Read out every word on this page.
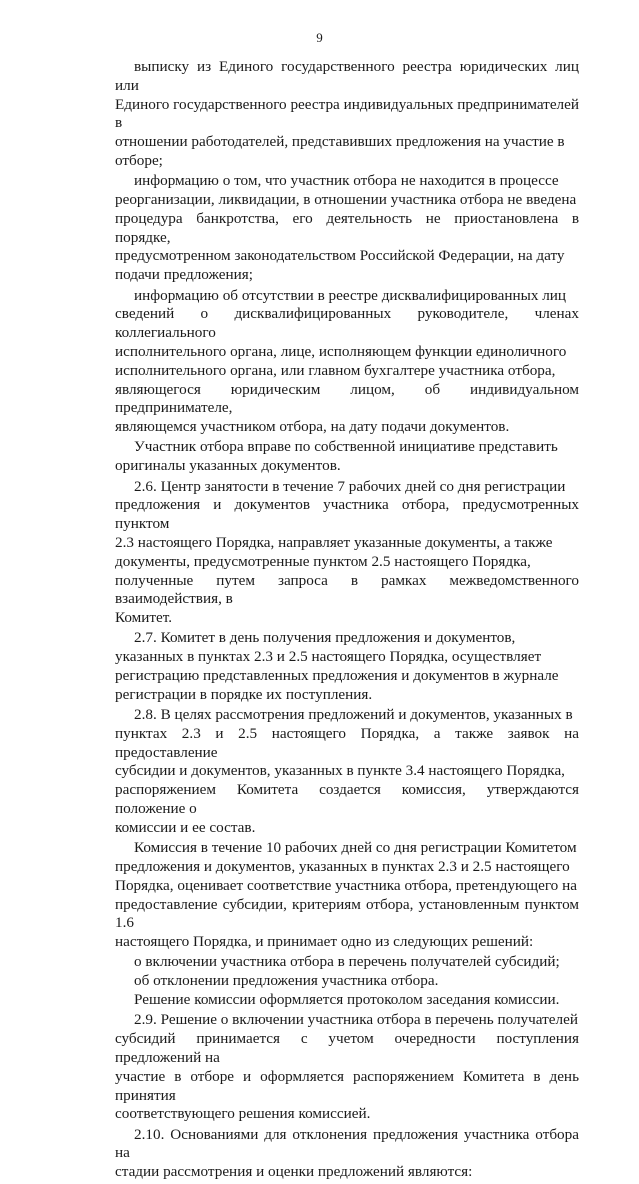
9

выписку из Единого государственного реестра юридических лиц или
Единого государственного реестра индивидуальных предпринимателей в
отношении работодателей, представивших предложения на участие в
отборе;

информацию о том, что участник отбора не находится в процессе
реорганизации, ликвидации, в отношении участника отбора не введена
процедура банкротства, его деятельность не приостановлена в порядке,
предусмотренном законодательством Российской Федерации, на дату
подачи предложения;

информацию об отсутствии в реестре дисквалифицированных лиц
сведений о дисквалифицированных руководителе, членах коллегиального
исполнительного органа, лице, исполняющем функции единоличного
исполнительного органа, или главном бухгалтере участника отбора,
являющегося юридическим лицом, об индивидуальном предпринимателе,
являющемся участником отбора, на дату подачи документов.

Участник отбора вправе по собственной инициативе представить
оригиналы указанных документов.

2.6. Центр занятости в течение 7 рабочих дней со дня регистрации
предложения и документов участника отбора, предусмотренных пунктом
2.3 настоящего Порядка, направляет указанные документы, а также
документы, предусмотренные пунктом 2.5 настоящего Порядка,
полученные путем запроса в рамках межведомственного взаимодействия, в
Комитет.

2.7. Комитет в день получения предложения и документов,
указанных в пунктах 2.3 и 2.5 настоящего Порядка, осуществляет
регистрацию представленных предложения и документов в журнале
регистрации в порядке их поступления.

2.8. В целях рассмотрения предложений и документов, указанных в
пунктах 2.3 и 2.5 настоящего Порядка, а также заявок на предоставление
субсидии и документов, указанных в пункте 3.4 настоящего Порядка,
распоряжением Комитета создается комиссия, утверждаются положение о
комиссии и ее состав.

Комиссия в течение 10 рабочих дней со дня регистрации Комитетом
предложения и документов, указанных в пунктах 2.3 и 2.5 настоящего
Порядка, оценивает соответствие участника отбора, претендующего на
предоставление субсидии, критериям отбора, установленным пунктом 1.6
настоящего Порядка, и принимает одно из следующих решений:

о включении участника отбора в перечень получателей субсидий;

об отклонении предложения участника отбора.

Решение комиссии оформляется протоколом заседания комиссии.

2.9. Решение о включении участника отбора в перечень получателей
субсидий принимается с учетом очередности поступления предложений на
участие в отборе и оформляется распоряжением Комитета в день принятия
соответствующего решения комиссией.

2.10. Основаниями для отклонения предложения участника отбора на
стадии рассмотрения и оценки предложений являются:
